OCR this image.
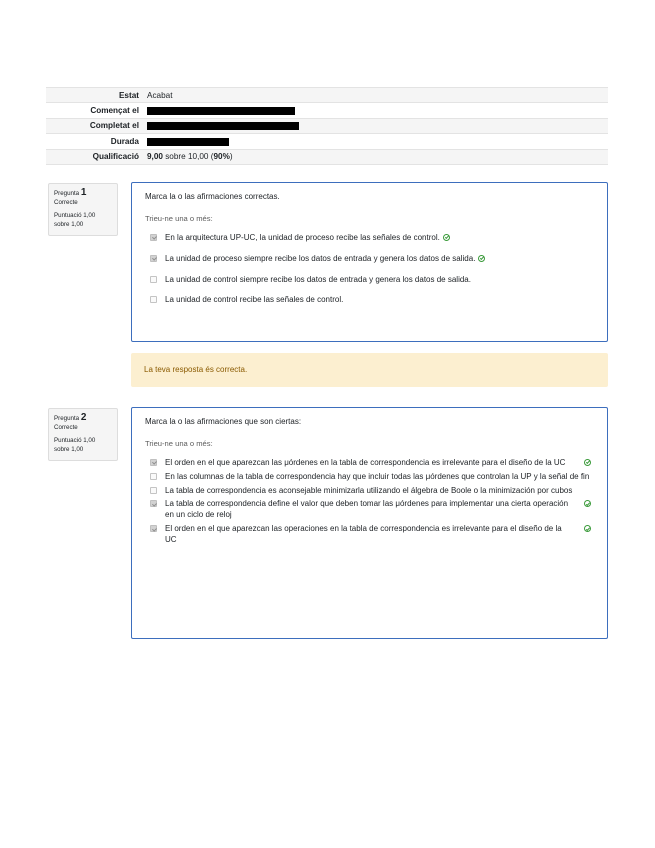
Estat	Acabat
Començat el	
Completat el	
Durada	
Qualificació	9,00 sobre 10,00 (90%)
Pregunta 1
Correcte
Puntuació 1,00 sobre 1,00
Marca la o las afirmaciones correctas.
Trieu-ne una o més:
En la arquitectura UP-UC, la unidad de proceso recibe las señales de control.
La unidad de proceso siempre recibe los datos de entrada y genera los datos de salida.
La unidad de control siempre recibe los datos de entrada y genera los datos de salida.
La unidad de control recibe las señales de control.
La teva resposta és correcta.
Pregunta 2
Correcte
Puntuació 1,00 sobre 1,00
Marca la o las afirmaciones que son ciertas:
Trieu-ne una o més:
El orden en el que aparezcan las μórdenes en la tabla de correspondencia es irrelevante para el diseño de la UC
En las columnas de la tabla de correspondencia hay que incluir todas las μórdenes que controlan la UP y la señal de fin
La tabla de correspondencia es aconsejable minimizarla utilizando el álgebra de Boole o la minimización por cubos
La tabla de correspondencia define el valor que deben tomar las μórdenes para implementar una cierta operación en un ciclo de reloj
El orden en el que aparezcan las operaciones en la tabla de correspondencia es irrelevante para el diseño de la UC
